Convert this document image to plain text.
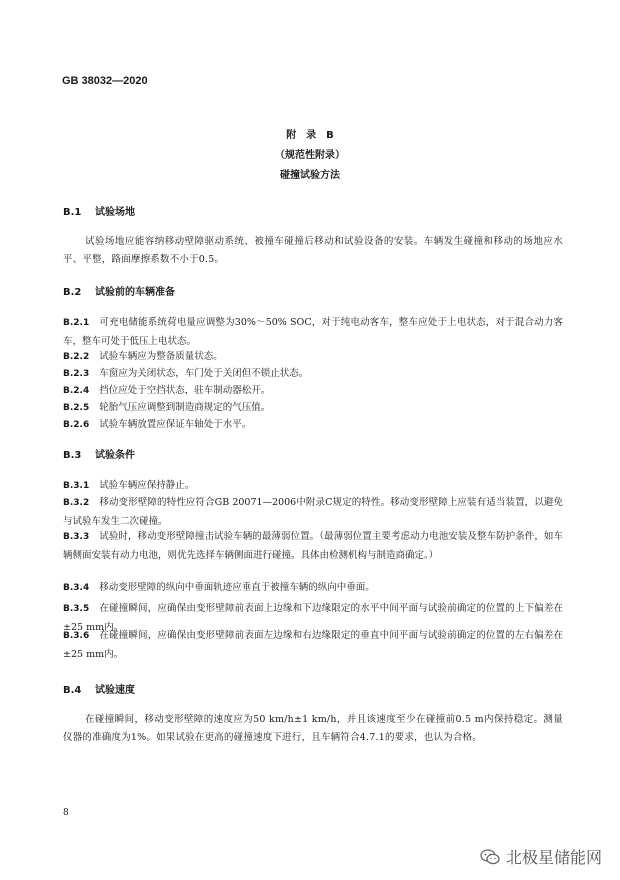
GB 38032—2020
附　录　B
（规范性附录）
碰撞试验方法
B.1 试验场地
试验场地应能容纳移动壁障驱动系统、被撞车碰撞后移动和试验设备的安装。车辆发生碰撞和移动的场地应水平、平整，路面摩擦系数不小于0.5。
B.2 试验前的车辆准备
B.2.1 可充电储能系统荷电量应调整为30%～50% SOC，对于纯电动客车，整车应处于上电状态，对于混合动力客车，整车可处于低压上电状态。
B.2.2 试验车辆应为整备质量状态。
B.2.3 车窗应为关闭状态，车门处于关闭但不锁止状态。
B.2.4 挡位应处于空挡状态，驻车制动器松开。
B.2.5 轮胎气压应调整到制造商规定的气压值。
B.2.6 试验车辆放置应保证车轴处于水平。
B.3 试验条件
B.3.1 试验车辆应保持静止。
B.3.2 移动变形壁障的特性应符合GB 20071—2006中附录C规定的特性。移动变形壁障上应装有适当装置，以避免与试验车发生二次碰撞。
B.3.3 试验时，移动变形壁障撞击试验车辆的最薄弱位置。（最薄弱位置主要考虑动力电池安装及整车防护条件，如车辆侧面安装有动力电池，则优先选择车辆侧面进行碰撞。具体由检测机构与制造商确定。）
B.3.4 移动变形壁障的纵向中垂面轨迹应垂直于被撞车辆的纵向中垂面。
B.3.5 在碰撞瞬间，应确保由变形壁障前表面上边缘和下边缘限定的水平中间平面与试验前确定的位置的上下偏差在±25 mm内。
B.3.6 在碰撞瞬间，应确保由变形壁障前表面左边缘和右边缘限定的垂直中间平面与试验前确定的位置的左右偏差在±25 mm内。
B.4 试验速度
在碰撞瞬间，移动变形壁障的速度应为50 km/h±1 km/h，并且该速度至少在碰撞前0.5 m内保持稳定。测量仪器的准确度为1%。如果试验在更高的碰撞速度下进行，且车辆符合4.7.1的要求，也认为合格。
8
北极星储能网
